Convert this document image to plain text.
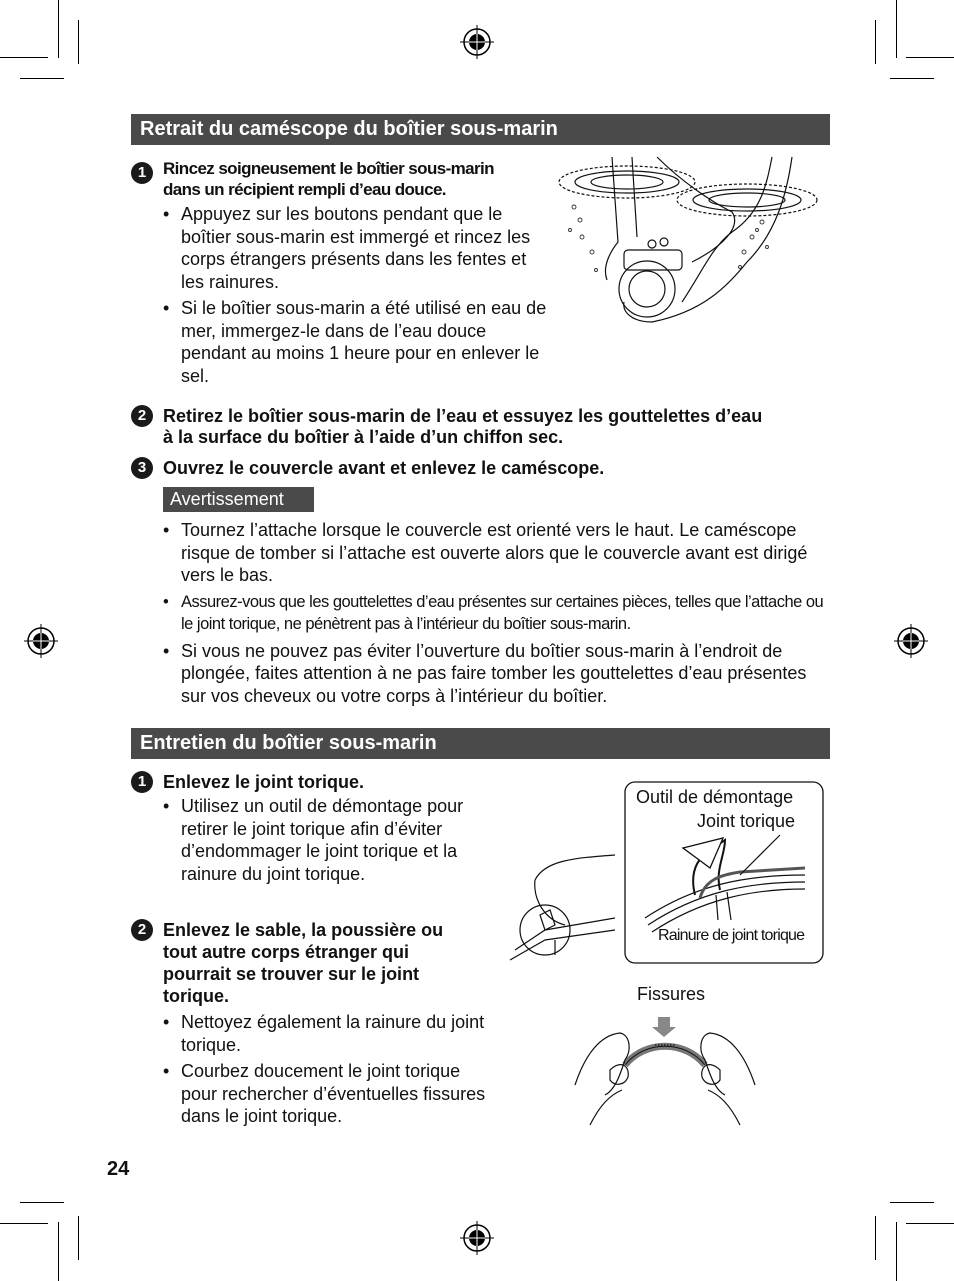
Retrait du caméscope du boîtier sous-marin
1 Rincez soigneusement le boîtier sous-marin
dans un récipient rempli d’eau douce.
• Appuyez sur les boutons pendant que le boîtier sous-marin est immergé et rincez les corps étrangers présents dans les fentes et les rainures.
• Si le boîtier sous-marin a été utilisé en eau de mer, immergez-le dans de l’eau douce pendant au moins 1 heure pour en enlever le sel.
2 Retirez le boîtier sous-marin de l’eau et essuyez les gouttelettes d’eau
à la surface du boîtier à l’aide d’un chiffon sec.
3 Ouvrez le couvercle avant et enlevez le caméscope.
Avertissement
• Tournez l’attache lorsque le couvercle est orienté vers le haut. Le caméscope risque de tomber si l’attache est ouverte alors que le couvercle avant est dirigé vers le bas.
• Assurez-vous que les gouttelettes d’eau présentes sur certaines pièces, telles que l’attache ou le joint torique, ne pénètrent pas à l’intérieur du boîtier sous-marin.
• Si vous ne pouvez pas éviter l’ouverture du boîtier sous-marin à l’endroit de plongée, faites attention à ne pas faire tomber les gouttelettes d’eau présentes sur vos cheveux ou votre corps à l’intérieur du boîtier.
Entretien du boîtier sous-marin
1 Enlevez le joint torique.
• Utilisez un outil de démontage pour retirer le joint torique afin d’éviter d’endommager le joint torique et la rainure du joint torique.
2 Enlevez le sable, la poussière ou
tout autre corps étranger qui
pourrait se trouver sur le joint
torique.
• Nettoyez également la rainure du joint torique.
• Courbez doucement le joint torique pour rechercher d’éventuelles fissures dans le joint torique.
Outil de démontage
Joint torique
Rainure de joint torique
Fissures
24
